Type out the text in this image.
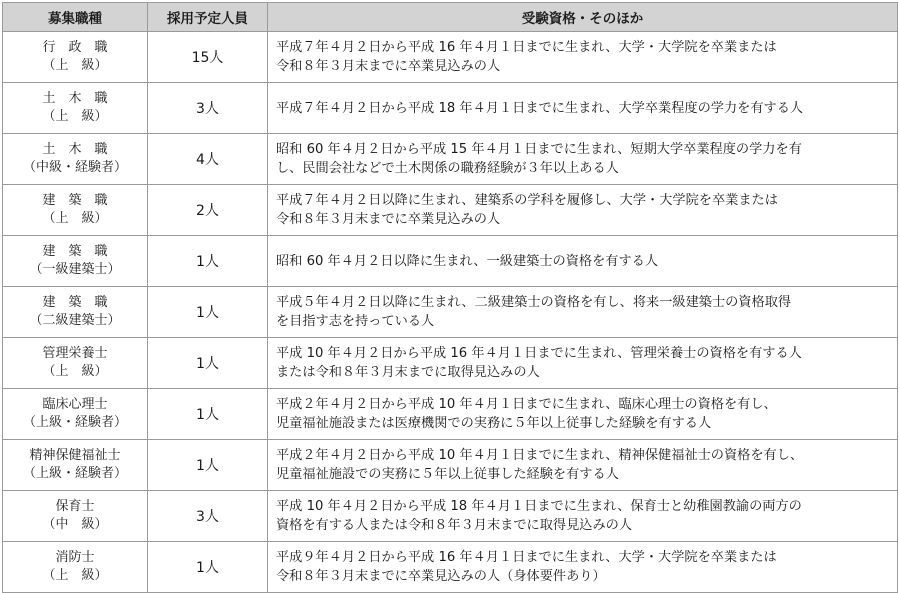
募集職種	採用予定人員	受験資格・そのほか

行　政　職
（上　級）	15人	平成７年４月２日から平成 16 年４月１日までに生まれ、大学・大学院を卒業または
令和８年３月末までに卒業見込みの人

土　木　職
（上　級）	3人	平成７年４月２日から平成 18 年４月１日までに生まれ、大学卒業程度の学力を有する人

土　木　職
（中級・経験者）	4人	昭和 60 年４月２日から平成 15 年４月１日までに生まれ、短期大学卒業程度の学力を有
し、民間会社などで土木関係の職務経験が３年以上ある人

建　築　職
（上　級）	2人	平成７年４月２日以降に生まれ、建築系の学科を履修し、大学・大学院を卒業または
令和８年３月末までに卒業見込みの人

建　築　職
（一級建築士）	1人	昭和 60 年４月２日以降に生まれ、一級建築士の資格を有する人

建　築　職
（二級建築士）	1人	平成５年４月２日以降に生まれ、二級建築士の資格を有し、将来一級建築士の資格取得
を目指す志を持っている人

管理栄養士
（上　級）	1人	平成 10 年４月２日から平成 16 年４月１日までに生まれ、管理栄養士の資格を有する人
または令和８年３月末までに取得見込みの人

臨床心理士
（上級・経験者）	1人	平成２年４月２日から平成 10 年４月１日までに生まれ、臨床心理士の資格を有し、
児童福祉施設または医療機関での実務に５年以上従事した経験を有する人

精神保健福祉士
（上級・経験者）	1人	平成２年４月２日から平成 10 年４月１日までに生まれ、精神保健福祉士の資格を有し、
児童福祉施設での実務に５年以上従事した経験を有する人

保育士
（中　級）	3人	平成 10 年４月２日から平成 18 年４月１日までに生まれ、保育士と幼稚園教諭の両方の
資格を有する人または令和８年３月末までに取得見込みの人

消防士
（上　級）	1人	平成９年４月２日から平成 16 年４月１日までに生まれ、大学・大学院を卒業または
令和８年３月末までに卒業見込みの人（身体要件あり）
